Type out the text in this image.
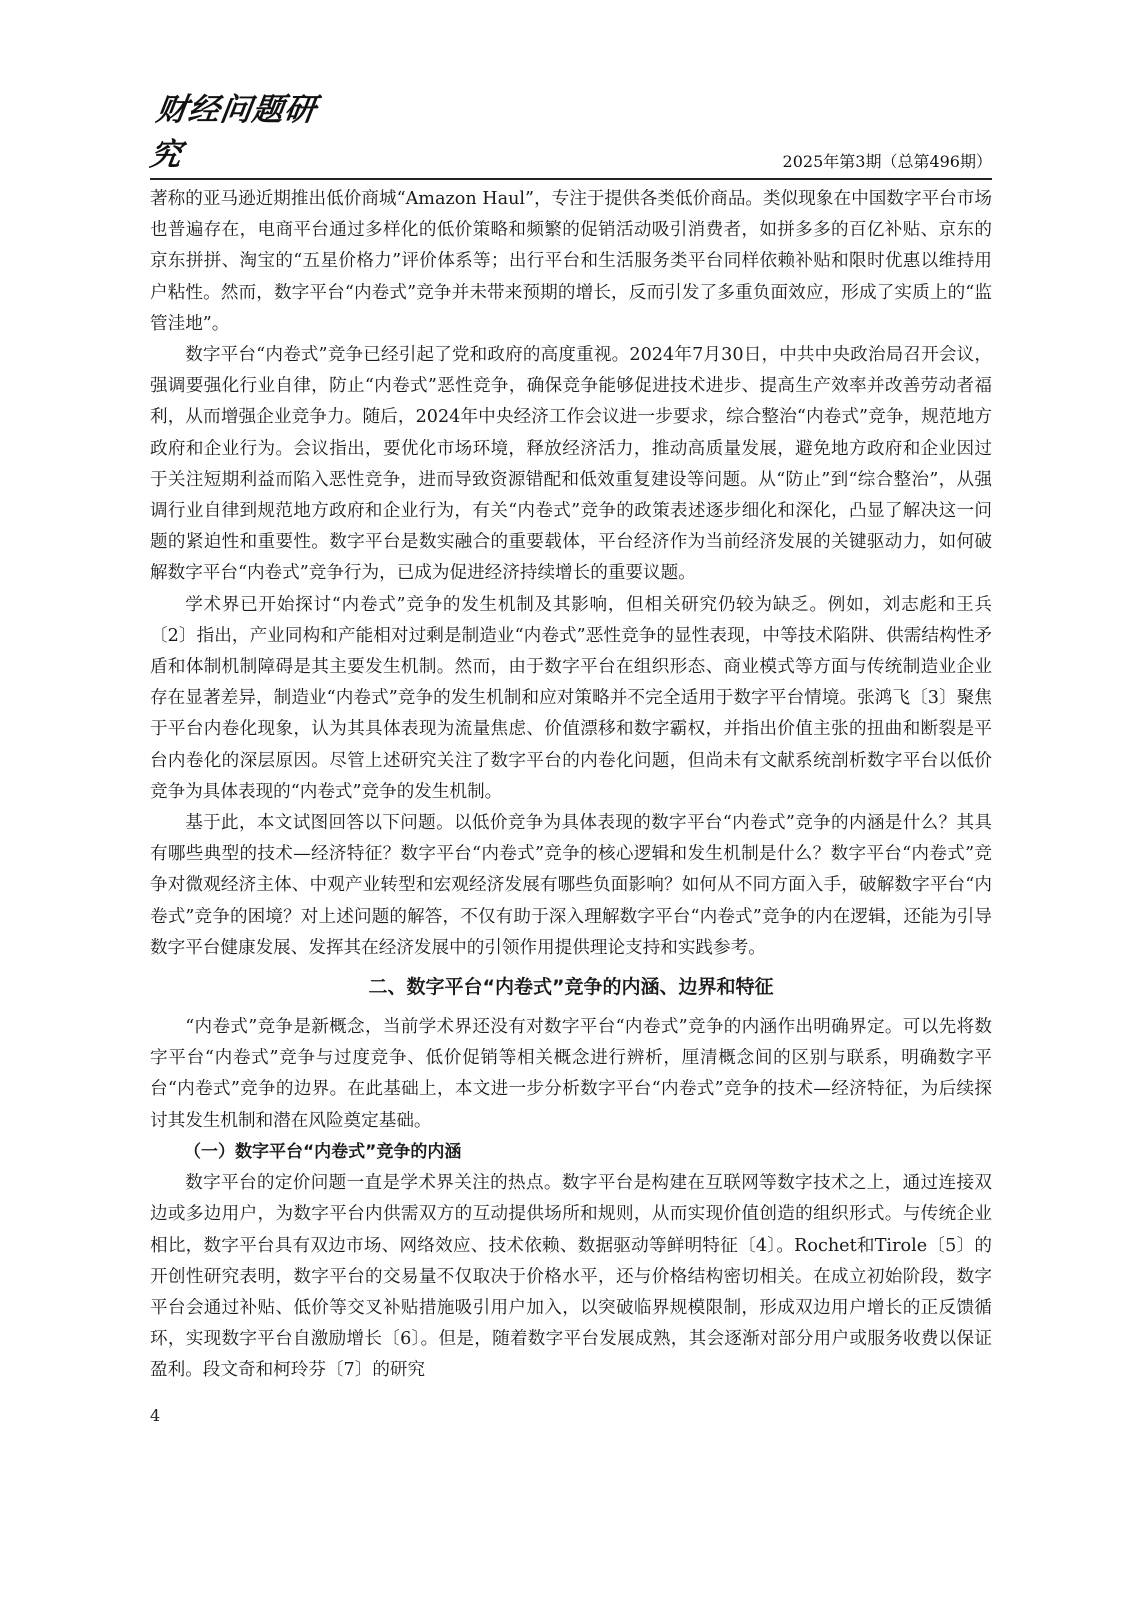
财经问题研究	2025年第3期（总第496期）

著称的亚马逊近期推出低价商城“Amazon Haul”，专注于提供各类低价商品。类似现象在中国数字平台市场也普遍存在，电商平台通过多样化的低价策略和频繁的促销活动吸引消费者，如拼多多的百亿补贴、京东的京东拼拼、淘宝的“五星价格力”评价体系等；出行平台和生活服务类平台同样依赖补贴和限时优惠以维持用户粘性。然而，数字平台“内卷式”竞争并未带来预期的增长，反而引发了多重负面效应，形成了实质上的“监管洼地”。

数字平台“内卷式”竞争已经引起了党和政府的高度重视。2024年7月30日，中共中央政治局召开会议，强调要强化行业自律，防止“内卷式”恶性竞争，确保竞争能够促进技术进步、提高生产效率并改善劳动者福利，从而增强企业竞争力。随后，2024年中央经济工作会议进一步要求，综合整治“内卷式”竞争，规范地方政府和企业行为。会议指出，要优化市场环境，释放经济活力，推动高质量发展，避免地方政府和企业因过于关注短期利益而陷入恶性竞争，进而导致资源错配和低效重复建设等问题。从“防止”到“综合整治”，从强调行业自律到规范地方政府和企业行为，有关“内卷式”竞争的政策表述逐步细化和深化，凸显了解决这一问题的紧迫性和重要性。数字平台是数实融合的重要载体，平台经济作为当前经济发展的关键驱动力，如何破解数字平台“内卷式”竞争行为，已成为促进经济持续增长的重要议题。

学术界已开始探讨“内卷式”竞争的发生机制及其影响，但相关研究仍较为缺乏。例如，刘志彪和王兵〔2〕指出，产业同构和产能相对过剩是制造业“内卷式”恶性竞争的显性表现，中等技术陷阱、供需结构性矛盾和体制机制障碍是其主要发生机制。然而，由于数字平台在组织形态、商业模式等方面与传统制造业企业存在显著差异，制造业“内卷式”竞争的发生机制和应对策略并不完全适用于数字平台情境。张鸿飞〔3〕聚焦于平台内卷化现象，认为其具体表现为流量焦虑、价值漂移和数字霸权，并指出价值主张的扭曲和断裂是平台内卷化的深层原因。尽管上述研究关注了数字平台的内卷化问题，但尚未有文献系统剖析数字平台以低价竞争为具体表现的“内卷式”竞争的发生机制。

基于此，本文试图回答以下问题。以低价竞争为具体表现的数字平台“内卷式”竞争的内涵是什么？其具有哪些典型的技术—经济特征？数字平台“内卷式”竞争的核心逻辑和发生机制是什么？数字平台“内卷式”竞争对微观经济主体、中观产业转型和宏观经济发展有哪些负面影响？如何从不同方面入手，破解数字平台“内卷式”竞争的困境？对上述问题的解答，不仅有助于深入理解数字平台“内卷式”竞争的内在逻辑，还能为引导数字平台健康发展、发挥其在经济发展中的引领作用提供理论支持和实践参考。

二、数字平台“内卷式”竞争的内涵、边界和特征

“内卷式”竞争是新概念，当前学术界还没有对数字平台“内卷式”竞争的内涵作出明确界定。可以先将数字平台“内卷式”竞争与过度竞争、低价促销等相关概念进行辨析，厘清概念间的区别与联系，明确数字平台“内卷式”竞争的边界。在此基础上，本文进一步分析数字平台“内卷式”竞争的技术—经济特征，为后续探讨其发生机制和潜在风险奠定基础。

（一）数字平台“内卷式”竞争的内涵

数字平台的定价问题一直是学术界关注的热点。数字平台是构建在互联网等数字技术之上，通过连接双边或多边用户，为数字平台内供需双方的互动提供场所和规则，从而实现价值创造的组织形式。与传统企业相比，数字平台具有双边市场、网络效应、技术依赖、数据驱动等鲜明特征〔4〕。Rochet和Tirole〔5〕的开创性研究表明，数字平台的交易量不仅取决于价格水平，还与价格结构密切相关。在成立初始阶段，数字平台会通过补贴、低价等交叉补贴措施吸引用户加入，以突破临界规模限制，形成双边用户增长的正反馈循环，实现数字平台自激励增长〔6〕。但是，随着数字平台发展成熟，其会逐渐对部分用户或服务收费以保证盈利。段文奇和柯玲芬〔7〕的研究

4
